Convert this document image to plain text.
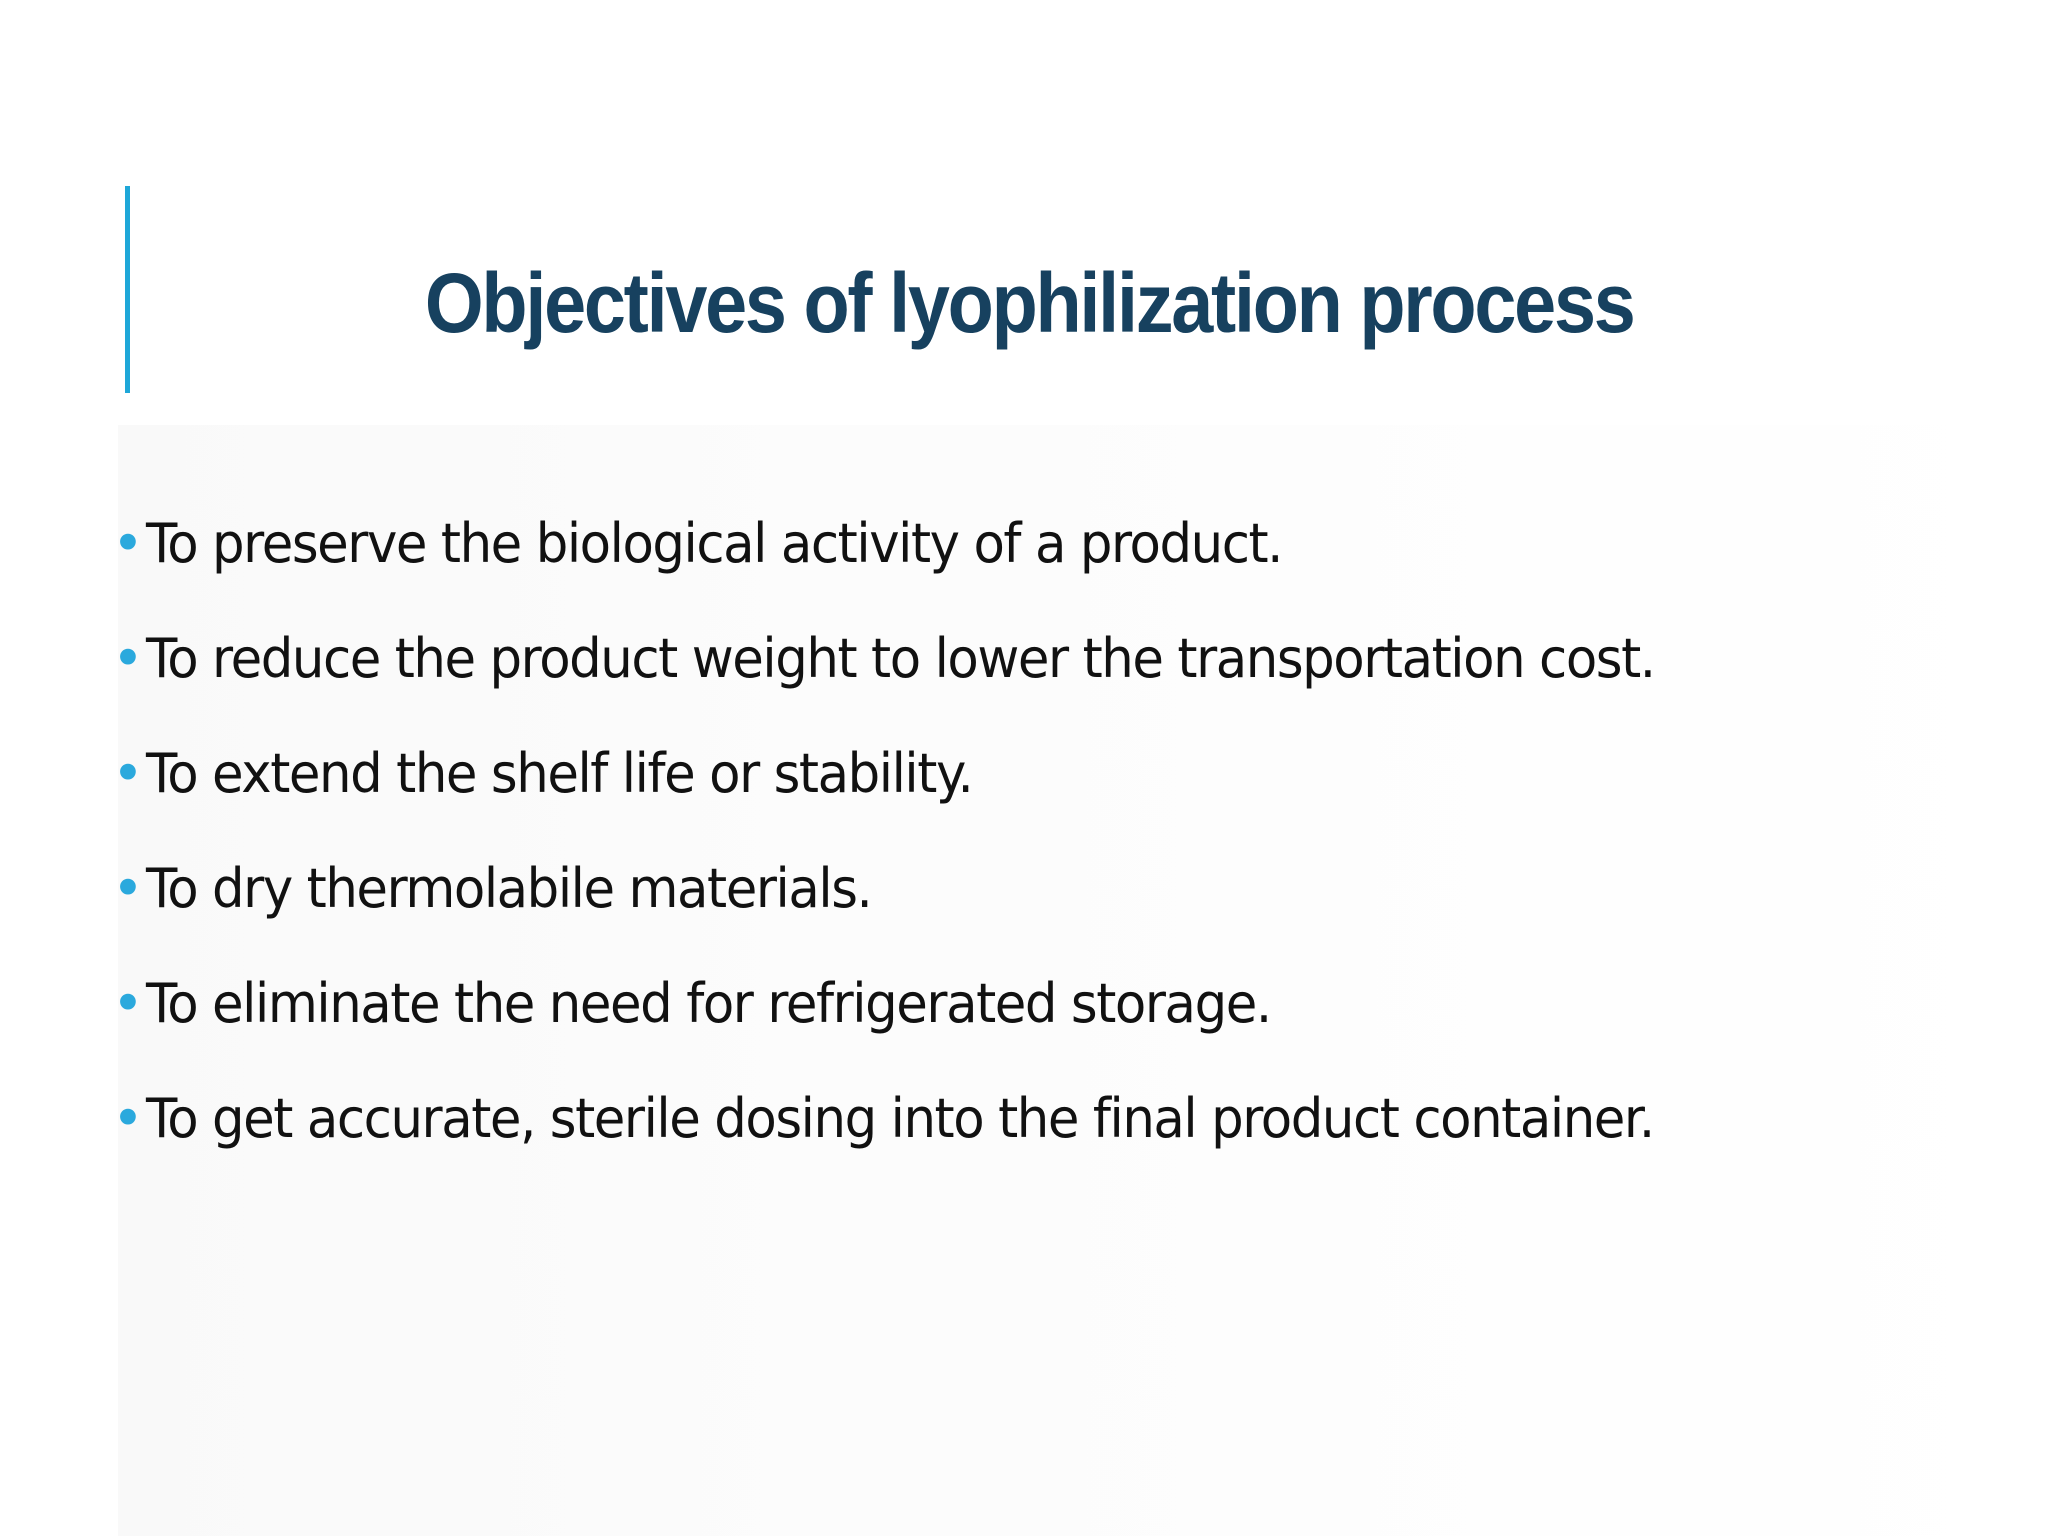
Objectives of lyophilization process
• To preserve the biological activity of a product.
• To reduce the product weight to lower the transportation cost.
• To extend the shelf life or stability.
• To dry thermolabile materials.
• To eliminate the need for refrigerated storage.
• To get accurate, sterile dosing into the final product container.
